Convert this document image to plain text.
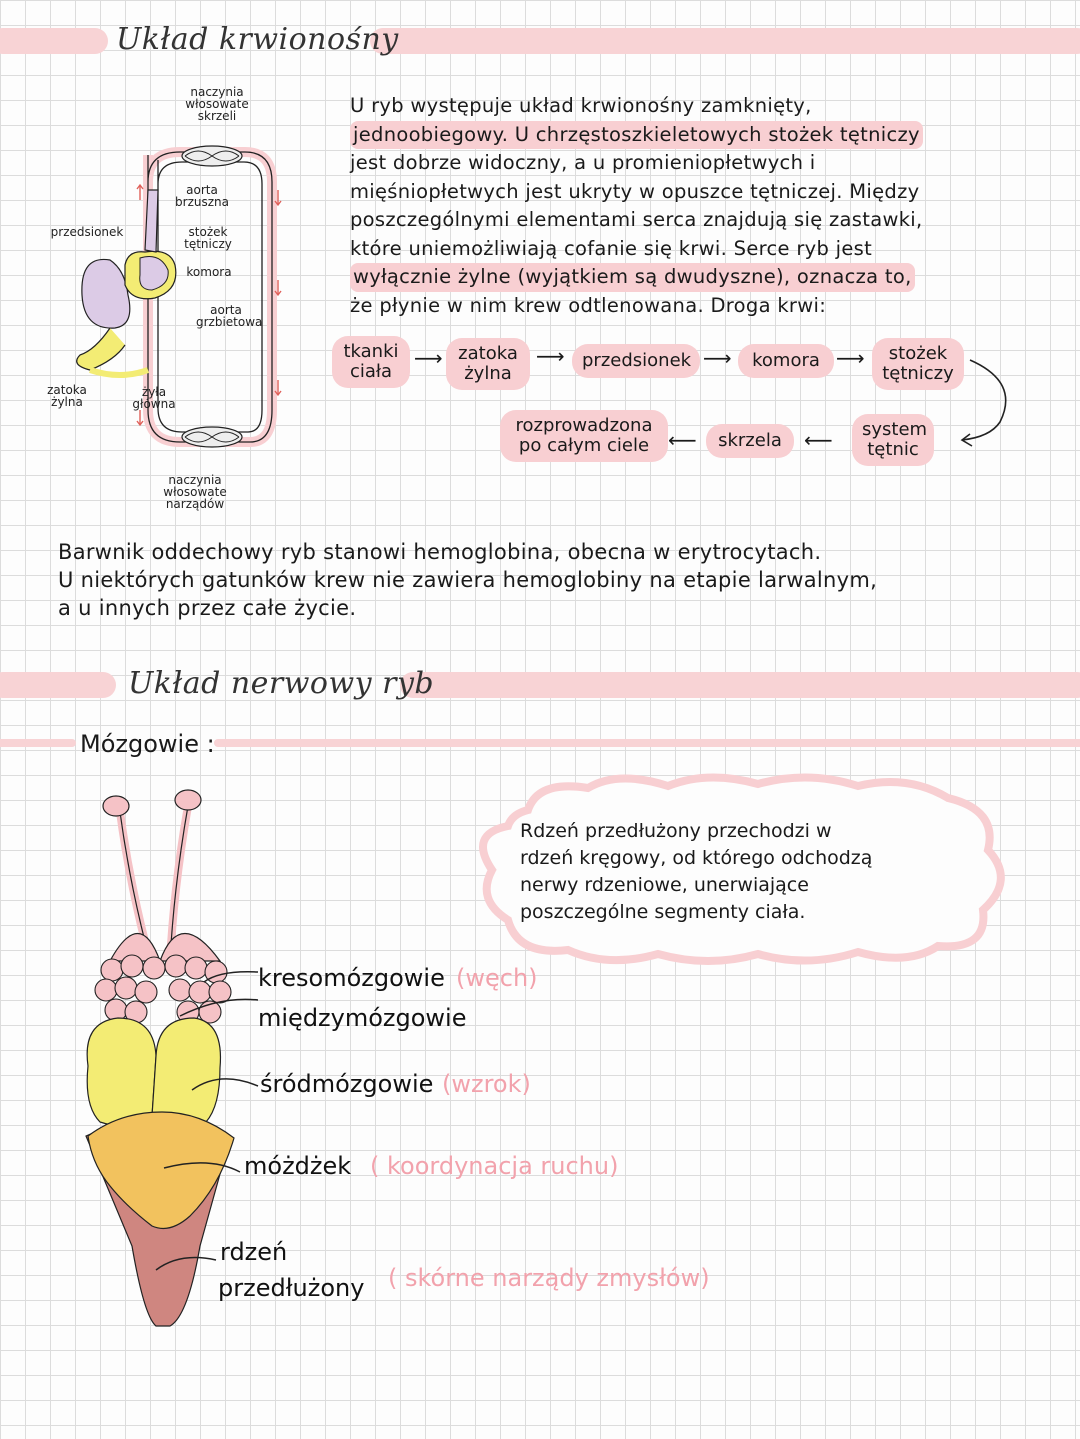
Układ krwionośny
naczynia włosowate skrzeli
aorta brzuszna
przedsionek	stożek tętniczy
komora
aorta grzbietowa
zatoka żylna
żyła główna
naczynia włosowate narządów
U ryb występuje układ krwionośny zamknięty,
jednoobiegowy. U chrzęstoszkieletowych stożek tętniczy
jest dobrze widoczny, a u promieniopłetwych i
mięśniopłetwych jest ukryty w opuszce tętniczej. Między
poszczególnymi elementami serca znajdują się zastawki,
które uniemożliwiają cofanie się krwi. Serce ryb jest
wyłącznie żylne (wyjątkiem są dwudyszne), oznacza to,
że płynie w nim krew odtlenowana. Droga krwi:
tkanki ciała
⟶ zatoka żylna
⟶ przedsionek ⟶	komora ⟶	stożek tętniczy
system tętnic
⟵
skrzela
⟵
rozprowadzona po całym ciele
Barwnik oddechowy ryb stanowi hemoglobina, obecna w erytrocytach.
U niektórych gatunków krew nie zawiera hemoglobiny na etapie larwalnym,
a u innych przez całe życie.
Układ nerwowy ryb
Mózgowie :
Rdzeń przedłużony przechodzi w
rdzeń kręgowy, od którego odchodzą
nerwy rdzeniowe, unerwiające
poszczególne segmenty ciała.
kresomózgowie (węch)
międzymózgowie
śródmózgowie (wzrok)
móżdżek ( koordynacja ruchu)
rdzeń
przedłużony ( skórne narządy zmysłów)
